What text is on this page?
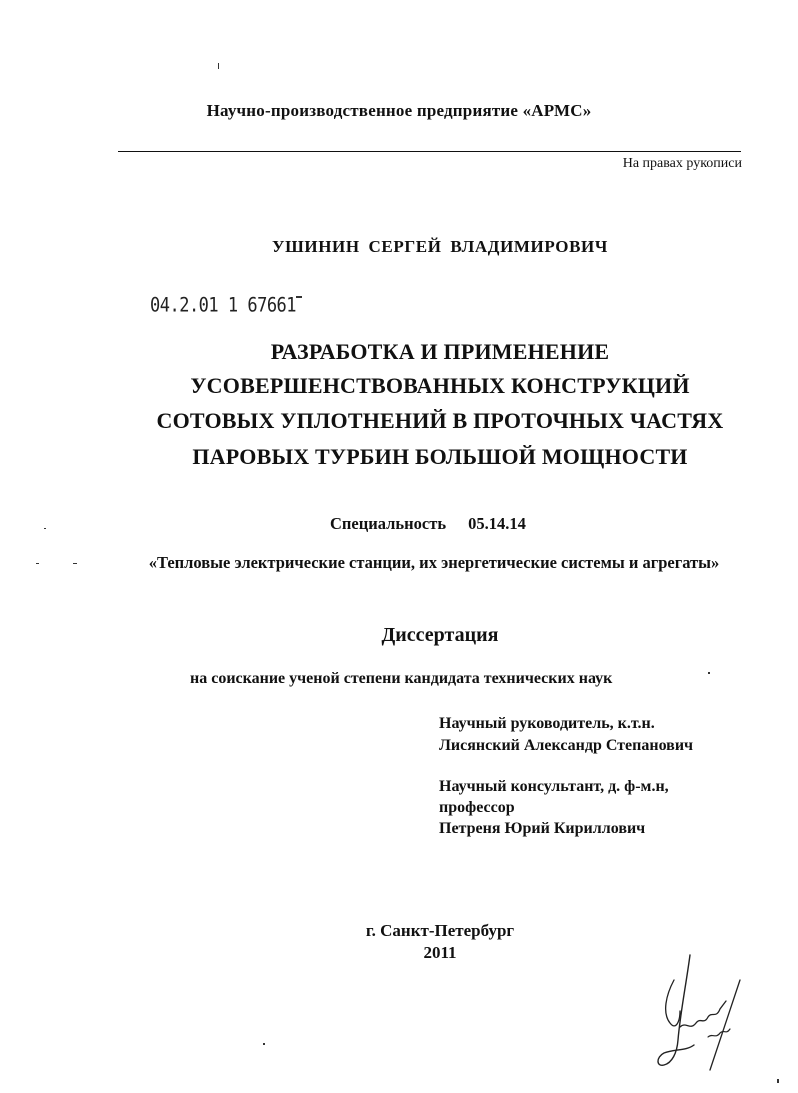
Научно-производственное предприятие «АРМС»
На правах рукописи
УШИНИН СЕРГЕЙ ВЛАДИМИРОВИЧ
04.2.01 1 67661
РАЗРАБОТКА И ПРИМЕНЕНИЕ
УСОВЕРШЕНСТВОВАННЫХ КОНСТРУКЦИЙ
СОТОВЫХ УПЛОТНЕНИЙ В ПРОТОЧНЫХ ЧАСТЯХ
ПАРОВЫХ ТУРБИН БОЛЬШОЙ МОЩНОСТИ
Специальность 05.14.14
«Тепловые электрические станции, их энергетические системы и агрегаты»
Диссертация
на соискание ученой степени кандидата технических наук
Научный руководитель, к.т.н.
Лисянский Александр Степанович
Научный консультант, д. ф-м.н,
профессор
Петреня Юрий Кириллович
г. Санкт-Петербург
2011
